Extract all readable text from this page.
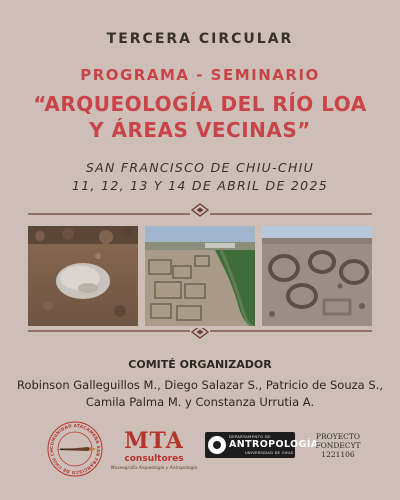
TERCERA CIRCULAR
PROGRAMA - SEMINARIO
“ARQUEOLOGÍA DEL RÍO LOA
Y ÁREAS VECINAS”
SAN FRANCISCO DE CHIU-CHIU
11, 12, 13 Y 14 DE ABRIL DE 2025
COMITÉ ORGANIZADOR
Robinson Galleguillos M., Diego Salazar S., Patricio de Souza S.,
Camila Palma M. y Constanza Urrutia A.
COMUNIDAD ATACAMEÑA SAN FRANCISCO DE CHIU CH	MTA
consultores
Museografía Arqueología y Antropología
DEPARTAMENTO DE
ANTROPOLOGÍA
UNIVERSIDAD DE CHILE
PROYECTO
FONDECYT
1221106
